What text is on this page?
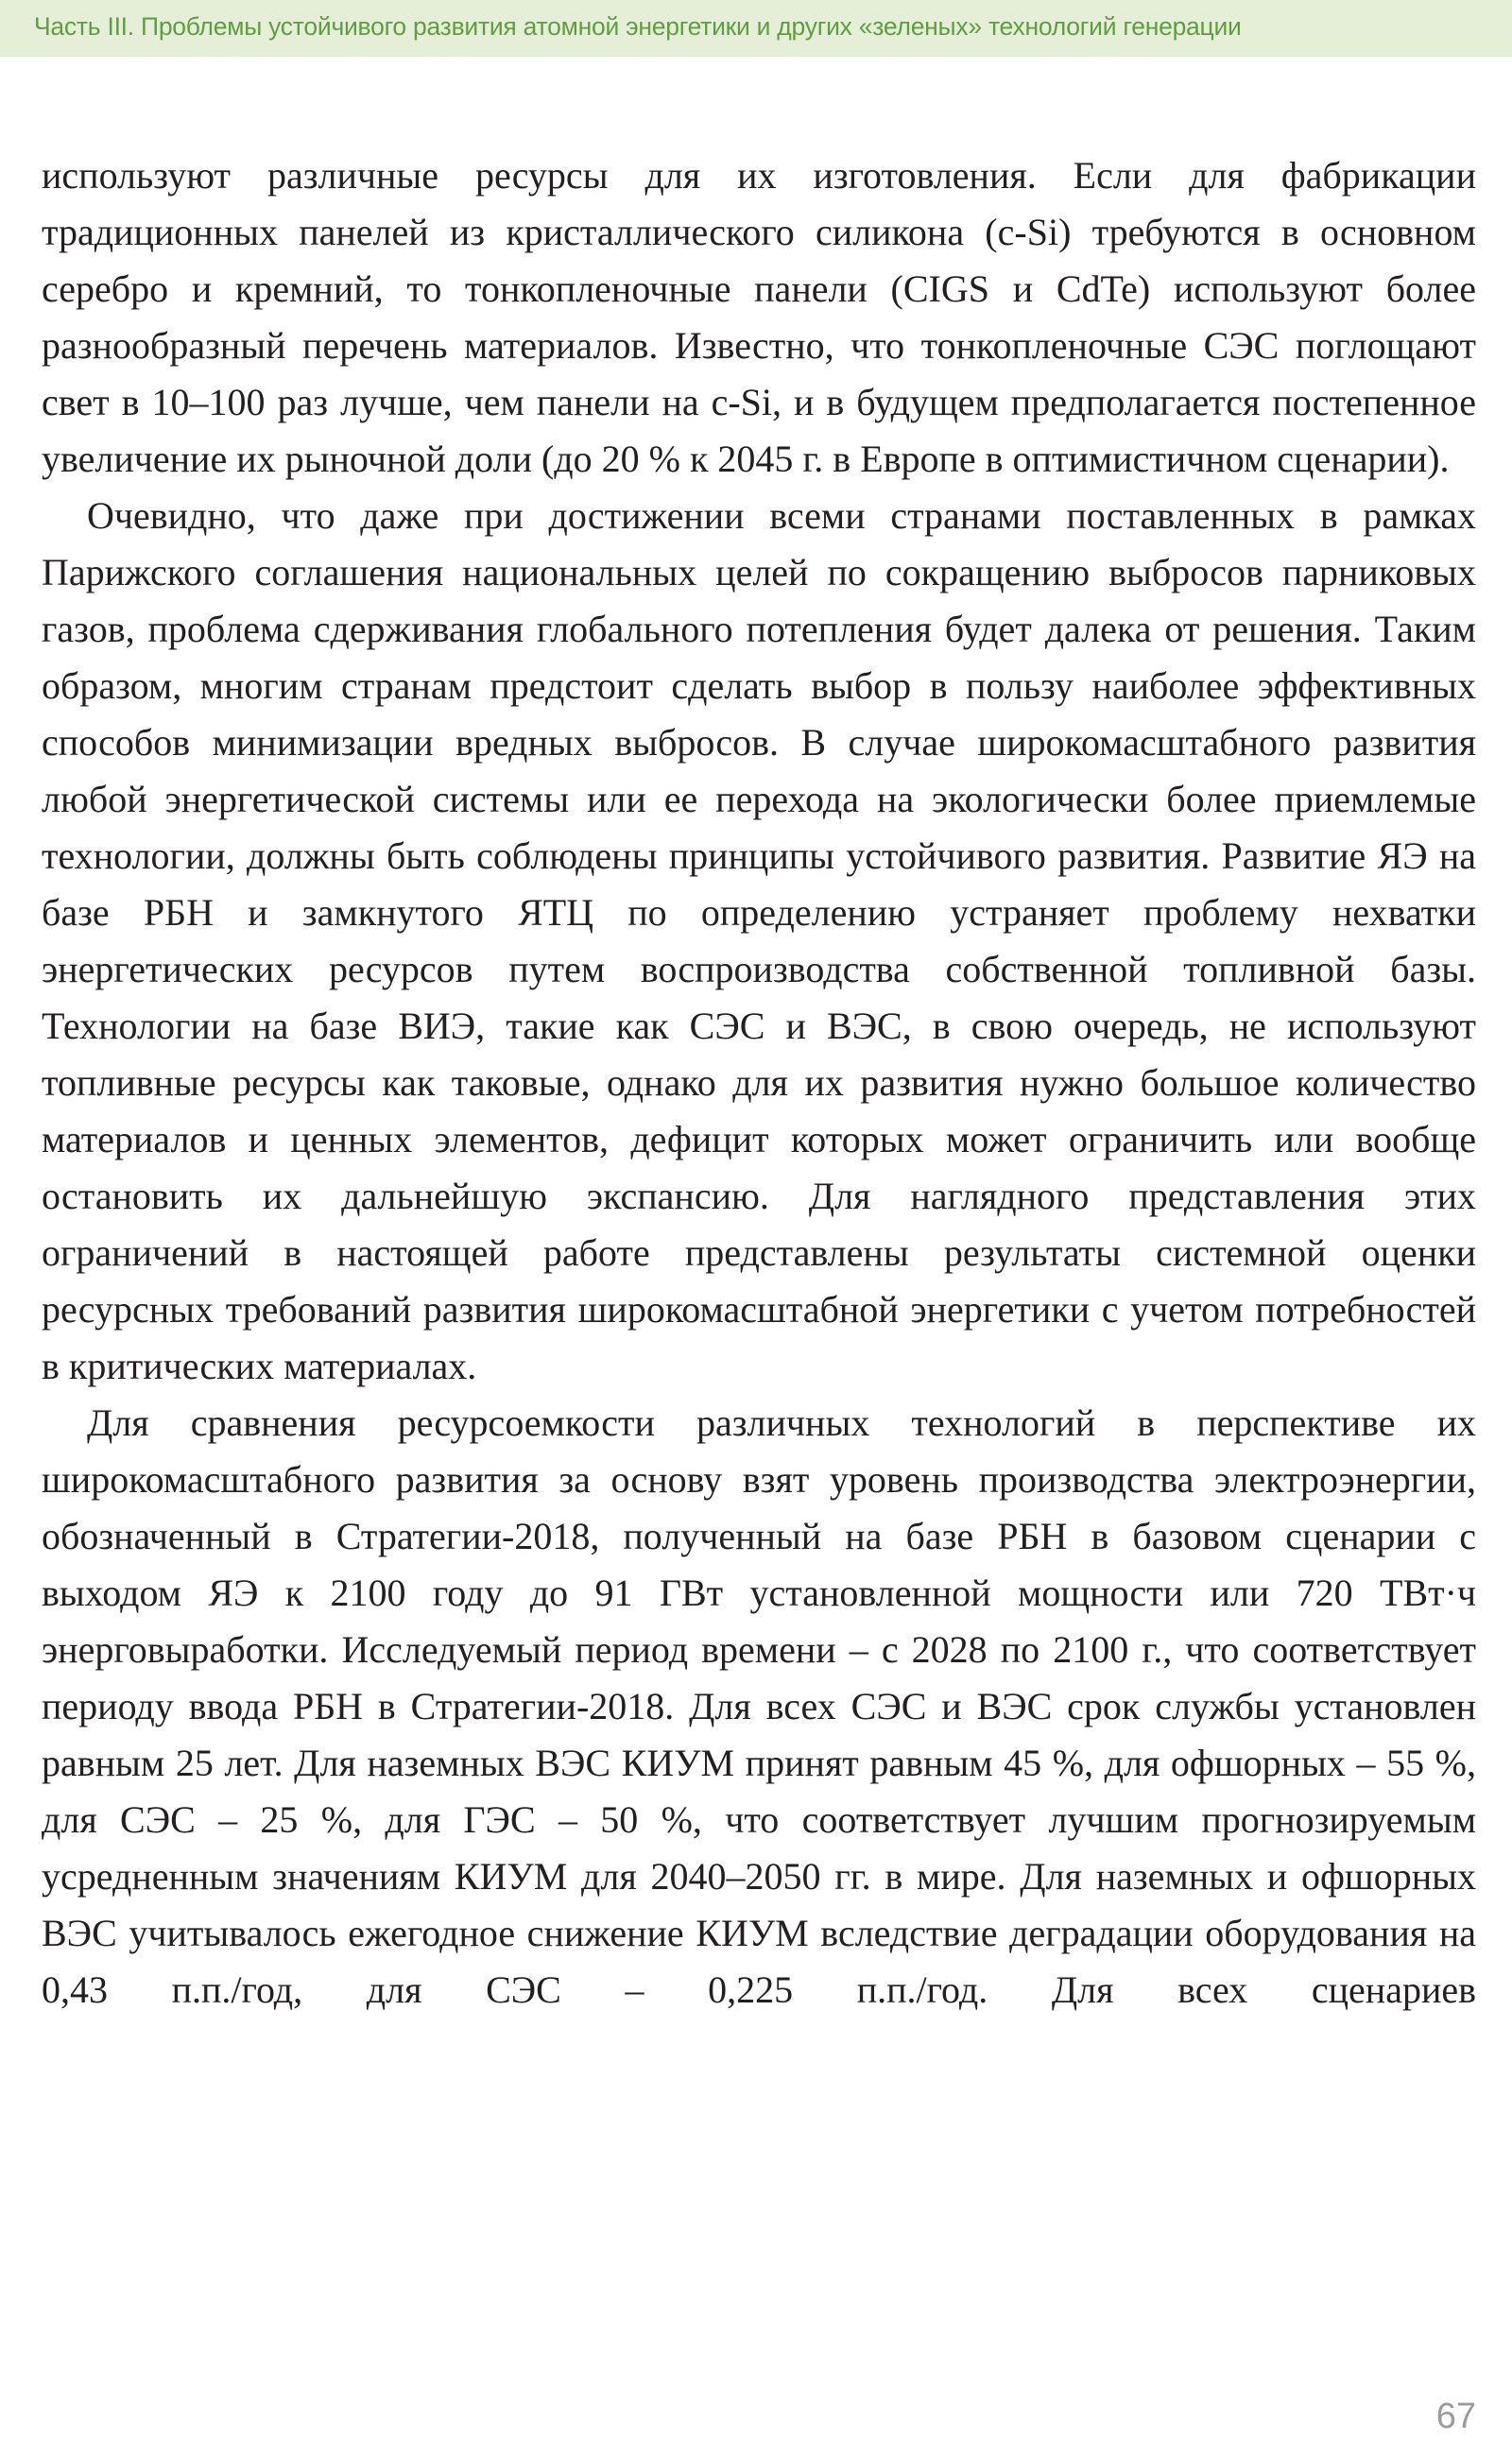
Часть III. Проблемы устойчивого развития атомной энергетики и других «зеленых» технологий генерации

используют различные ресурсы для их изготовления. Если для фабрикации традиционных панелей из кристаллического силикона (c-Si) требуются в основном серебро и кремний, то тонкопленочные панели (CIGS и CdTe) используют более разнообразный перечень материалов. Известно, что тонкопленочные СЭС поглощают свет в 10–100 раз лучше, чем панели на c-Si, и в будущем предполагается постепенное увеличение их рыночной доли (до 20 % к 2045 г. в Европе в оптимистичном сценарии).

Очевидно, что даже при достижении всеми странами поставленных в рамках Парижского соглашения национальных целей по сокращению выбросов парниковых газов, проблема сдерживания глобального потепления будет далека от решения. Таким образом, многим странам предстоит сделать выбор в пользу наиболее эффективных способов минимизации вредных выбросов. В случае широкомасштабного развития любой энергетической системы или ее перехода на экологически более приемлемые технологии, должны быть соблюдены принципы устойчивого развития. Развитие ЯЭ на базе РБН и замкнутого ЯТЦ по определению устраняет проблему нехватки энергетических ресурсов путем воспроизводства собственной топливной базы. Технологии на базе ВИЭ, такие как СЭС и ВЭС, в свою очередь, не используют топливные ресурсы как таковые, однако для их развития нужно большое количество материалов и ценных элементов, дефицит которых может ограничить или вообще остановить их дальнейшую экспансию. Для наглядного представления этих ограничений в настоящей работе представлены результаты системной оценки ресурсных требований развития широкомасштабной энергетики с учетом потребностей в критических материалах.

Для сравнения ресурсоемкости различных технологий в перспективе их широкомасштабного развития за основу взят уровень производства электроэнергии, обозначенный в Стратегии-2018, полученный на базе РБН в базовом сценарии с выходом ЯЭ к 2100 году до 91 ГВт установленной мощности или 720 ТВт·ч энерговыработки. Исследуемый период времени – с 2028 по 2100 г., что соответствует периоду ввода РБН в Стратегии-2018. Для всех СЭС и ВЭС срок службы установлен равным 25 лет. Для наземных ВЭС КИУМ принят равным 45 %, для офшорных – 55 %, для СЭС – 25 %, для ГЭС – 50 %, что соответствует лучшим прогнозируемым усредненным значениям КИУМ для 2040–2050 гг. в мире. Для наземных и офшорных ВЭС учитывалось ежегодное снижение КИУМ вследствие деградации оборудования на 0,43 п.п./год, для СЭС – 0,225 п.п./год. Для всех сценариев

67
